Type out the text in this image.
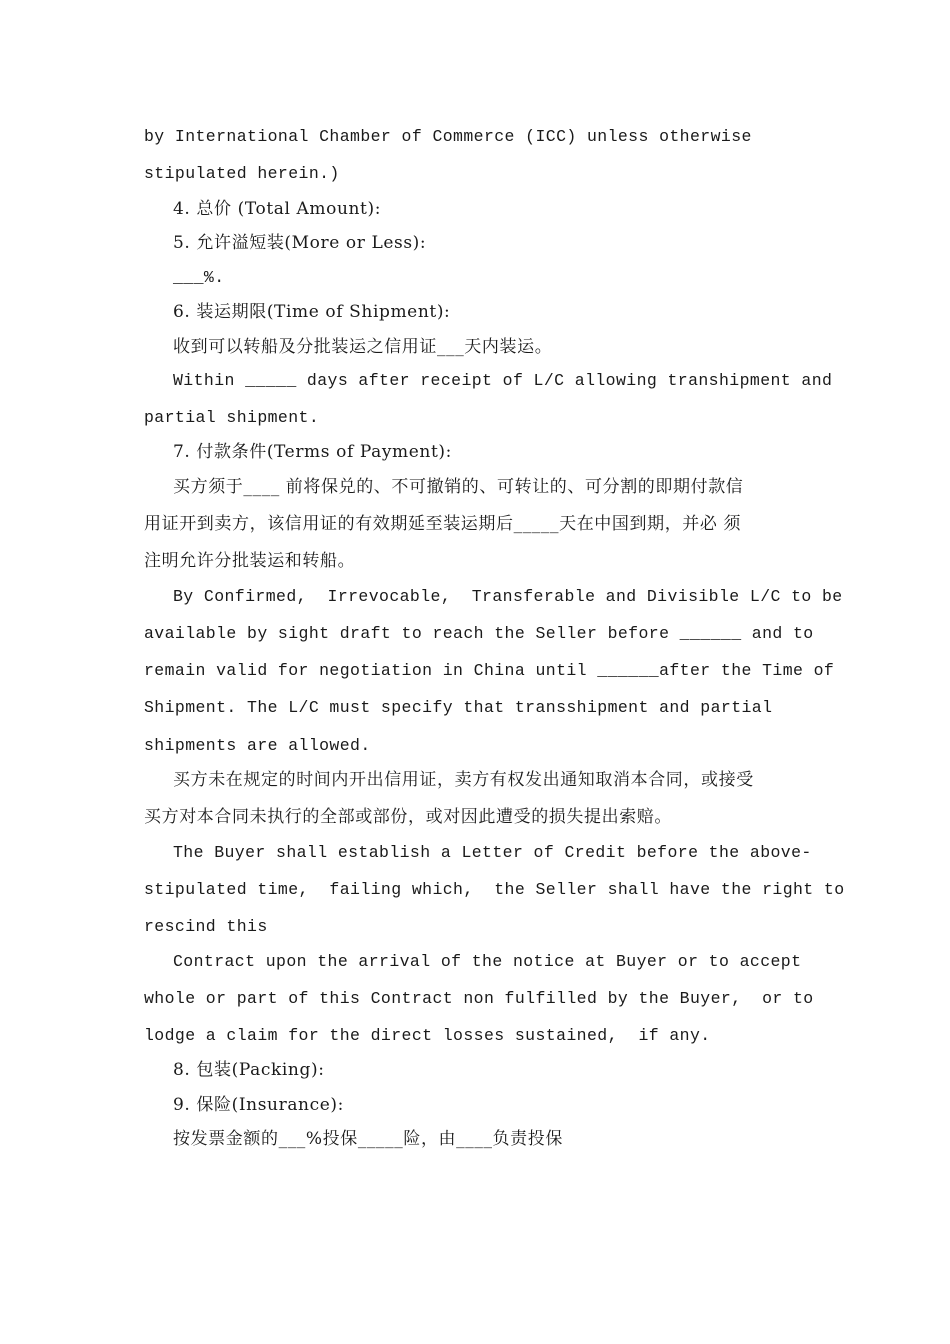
by International Chamber of Commerce (ICC) unless otherwise
stipulated herein.)
4. 总价 (Total Amount):
5. 允许溢短装(More or Less):
___%.
6. 装运期限(Time of Shipment):
收到可以转船及分批装运之信用证___天内装运。
Within _____ days after receipt of L/C allowing transhipment and
partial shipment.
7. 付款条件(Terms of Payment):
买方须于____ 前将保兑的、不可撤销的、可转让的、可分割的即期付款信
用证开到卖方，该信用证的有效期延至装运期后_____天在中国到期，并必 须
注明允许分批装运和转船。
By Confirmed,  Irrevocable,  Transferable and Divisible L/C to be
available by sight draft to reach the Seller before ______ and to
remain valid for negotiation in China until ______after the Time of
Shipment. The L/C must specify that transshipment and partial
shipments are allowed.
买方未在规定的时间内开出信用证，卖方有权发出通知取消本合同，或接受
买方对本合同未执行的全部或部份，或对因此遭受的损失提出索赔。
The Buyer shall establish a Letter of Credit before the above-
stipulated time,  failing which,  the Seller shall have the right to
rescind this
Contract upon the arrival of the notice at Buyer or to accept
whole or part of this Contract non fulfilled by the Buyer,  or to
lodge a claim for the direct losses sustained,  if any.
8. 包装(Packing):
9. 保险(Insurance):
按发票金额的___%投保_____险，由____负责投保
